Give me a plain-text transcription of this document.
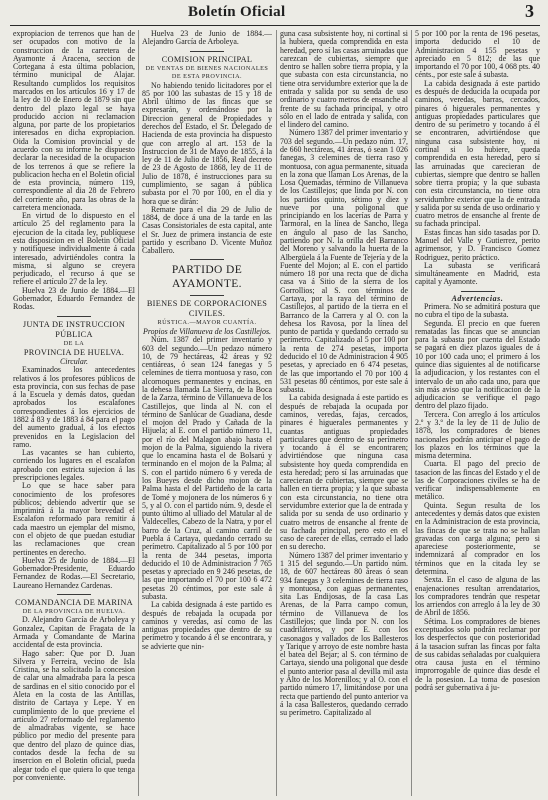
Boletín Oficial	3

expropiacion de terrenos que han de ser ocupados con motivo de la construccion de la carretera de Ayamonte á Aracena, seccion de Cortegana á esta última poblacion, término municipal de Alajar. Resultando cumplidos los requisitos marcados en los artículos 16 y 17 de la ley de 10 de Enero de 1879 sin que dentro del plazo legal se haya producido accion ni reclamacion alguna, por parte de los propietarios interesados en dicha expropiacion. Oida la Comision provincial y de acuerdo con su informe he dispuesto declarar la necesidad de la ocupacion de los terrenos á que se refiere la publicacion hecha en el Boletin oficial de esta provincia, número 119, correspondiente al dia 28 de Febrero del corriente año, para las obras de la carretera mencionada.

En virtud de lo dispuesto en el artículo 25 del reglamento para la ejecucion de la citada ley, publíquese esta disposicion en el Boletin Oficial y notifíquese individualmente á cada interesado, advirtiéndoles contra la misma, si alguno se creyera perjudicado, el recurso á que se refiere el artículo 27 de la ley.

Huelva 23 de Junio de 1884.—El Gobernador, Eduardo Fernandez de Rodas.

JUNTA DE INSTRUCCION PÚBLICA

DE LA

PROVINCIA DE HUELVA.

Circular.

Examinados los antecedentes relativos á los profesores públicos de esta provincia, con sus fechas de pase á la Escuela y demás datos, quedan aprobados los escalafones correspondientes á los ejercicios de 1882 á 83 y de 1883 á 84 para el pago del aumento gradual, á los efectos prevenidos en la Legislacion del ramo.

Las vacantes se han cubierto, corriendo los lugares en el escalafon aprobado con estricta sujecion á las prescripciones legales.

Lo que se hace saber para conocimiento de los profesores públicos; debiendo advertir que se imprimirá á la mayor brevedad el Escalafon reformado para remitir á cada maestro un ejemplar del mismo, con el objeto de que puedan estudiar las reclamaciones que crean pertinentes en derecho.

Huelva 25 de Junio de 1884.—El Gobernador-Presidente, Eduardo Fernandez de Rodas.—El Secretario, Laureano Hernandez Cardenas.

COMANDANCIA DE MARINA

DE LA PROVINCIA DE HUELVA.

D. Alejandro García de Arboleya y Gonzalez, Capitan de Fragata de la Armada y Comandante de Marina accidental de esta provincia.

Hago saber: Que por D. Juan Silvera y Ferreira, vecino de Isla Cristina, se ha solicitado la concesion de calar una almadraba para la pesca de sardinas en el sitio conocido por el Aleta en la costa de las Antillas, distrito de Cartaya y Lepe. Y en cumplimiento de lo que previene el artículo 27 reformado del reglamento de almadrabas vigente, se hace público por medio del presente para que dentro del plazo de quince dias, contados desde la fecha de su insercion en el Boletin oficial, pueda alegar todo el que quiera lo que tenga por conveniente.

Huelva 23 de Junio de 1884.—Alejandro García de Arboleya.

COMISION PRINCIPAL

DE VENTAS DE BIENES NACIONALES DE ESTA PROVINCIA.

No habiendo tenido licitadores por el 85 por 100 las subastas de 15 y 18 de Abril último de las fincas que se expresarán, y ordenándose por la Direccion general de Propiedades y derechos del Estado, el Sr. Delegado de Hacienda de esta provincia ha dispuesto que con arreglo al art. 153 de la Instruccion de 31 de Mayo de 1855, á la ley de 11 de Julio de 1856, Real decreto de 23 de Agosto de 1868, ley de 11 de Julio de 1878, é instrucciones para su cumplimiento, se sagan á pública subasta por el 70 por 100, en el dia y hora que se dirán:

Remate para el dia 29 de Julio de 1884, de doce á una de la tarde en las Casas Consistoriales de esta capital, ante el Sr. Juez de primera instancia de este partido y escribano D. Vicente Muñoz Caballero.

PARTIDO DE AYAMONTE.

BIENES DE CORPORACIONES CIVILES.

RÚSTICA.—MAYOR CUANTÍA.

Propios de Villanueva de los Castillejos.

Núm. 1387 del primer inventario y 603 del segundo.—Un pedazo número 10, de 79 hectáreas, 42 áreas y 92 centiáreas, ó sean 124 fanegas y 5 celemines de tierra montuosa y raso, con alcornoques permanentes y encinas, en la dehesa llamada La Sierra, de la Boca de la Zarza, término de Villanueva de los Castillejos, que linda al N. con el término de Sanlúcar de Guadiana, desde el mojon del Prado y Cañada de la Hijuela; al E. con el partido número 11, por el río del Malagon abajo hasta el mojon de la Palma, siguiendo la rivera que lo encamina hasta el de Bolsarú y terminando en el mojon de la Palma; al S. con el partido número 6 y vereda de los Bueyes desde dicho mojon de la Palma hasta el del Partideño de la carta de Tomé y mojonera de los números 6 y 5, y al O. con el partido núm. 9, desde el punto último al ulliado del Matular al de Valdecelles, Cabezo de la Natra, y por el barro de la Cruz, al camino carril de Puebla á Cartaya, quedando cerrado su perímetro. Capitalizado al 5 por 100 por la renta de 344 pesetas, importa deducido el 10 de Administracion 7 765 pesetas y apreciado en 9 246 pesetas, de las que importando el 70 por 100 6 472 pesetas 20 céntimos, por este sale á subasta.

La cabida designada á este partido es después de rebajada la ocupada por caminos y veredas, así como de las antiguas propiedades que dentro de su perímetro y tocando á él se encontrara, y se advierte que nin-

guna casa subsistente hoy, ni cortinal si la hubiera, queda comprendida en esta heredad, pero sí las casas arruinadas que carezcan de cubiertas, siempre que dentro se hallen sobre tierra propia, y la que subasta con esta circunstancia, no tiene otra servidumbre exterior que la de entrada y salida por su senda de uso ordinario y cuatro metros de ensanche al frente de su fachada principal, y otro sólo en el lado de entrada y salida, con el lindero del camino.

Número 1387 del primer inventario y 703 del segundo.—Un pedazo núm. 17, de 660 hectáreas, 41 áreas, ó sean 1 026 fanegas, 3 celemines de tierra raso y montuosa, con agua permanente, situada en la zona que llaman Los Arenas, de la Losa Quemadas, término de Villanueva de los Castillejos; que linda por N. con los partidos quinto, sétimo y diez y nueve por una poligonal que principiando en los lacerías de Parra y Tarmoral, en la línea de Sancho, llega en ángulo al paso de las Sancho, partiendo por N. la orilla del Barranco del Moreno y salvando la huerta de la Albergüela á la Fuente de Tejería y de la Fuente del Mojon; al E. con el partido número 18 por una recta que de dicha casa va á Sitio de la sierra de los Gorrollios; al S. con términos de Cartaya, por la raya del término de Castillejos, al partido de la tierra en el Barranco de la Carrera y al O. con la dehesa los Ravosa, por la línea del punto de partida y quedando cerrado su perímetro. Capitalizado al 5 por 100 por la renta de 274 pesetas, importa deducido el 10 de Administracion 4 905 pesetas, y apreciado en 6 474 pesetas, de las que importando el 70 por 100 4 531 pesetas 80 céntimos, por este sale á subasta.

La cabida designada á este partido es después de rebajada la ocupada por caminos, veredas, fajas, cercados, pinares é higuerales permanentes y cuantas antiguas propiedades particulares que dentro de su perímetro y tocando á él se encontraren; advirtiéndose que ninguna casa subsistente hoy queda comprendida en esta heredad; pero sí las arruinadas que carecieran de cubiertas, siempre que se hallen en tierra propia; y la que subasta con esta circunstancia, no tiene otra servidumbre exterior que la de entrada y salida por su senda de uso ordinario y cuatro metros de ensanche al frente de su fachada principal, pero esto en el caso de carecer de ellas, cerrado el lado en su derecho.

Número 1387 del primer inventario y 1 315 del segundo.—Un partido núm. 18, de 607 hectáreas 80 áreas ó sean 934 fanegas y 3 celemines de tierra raso y montuosa, con aguas permanentes, sita Las Endijosas, de la casa Las Arenas, de la Parra campo comun, término de Villanueva de los Castillejos; que linda por N. con los cuadriláteros, y por E. con los casonagos y vallados de los Ballesteros y Tarique y arroyo de este nombre hasta el batea del Bejar; al S. con término de Cartaya, siendo una poligonal que desde el punto anterior pasa al devilla mil asta y Alto de los Morenillos; y al O. con el partido número 17, limitándose por una recta que partiendo del punto anterior va á la casa Ballesteros, quedando cerrado su perímetro. Capitalizado al

5 por 100 por la renta de 196 pesetas, importa deducido el 10 de Administracion 4 155 pesetas y apreciado en 5 812; de las que importando el 70 por 100, 4 068 pts. 40 cénts., por este sale á subasta.

La cabida designada á este partido es después de deducida la ocupada por caminos, veredas, barras, cercados, pinares ó higuerales permanentes y antiguas propiedades particulares que dentro de su perímetro y tocando á él se encontraren, advirtiéndose que ninguna casa subsistente hoy, ni cortinal si lo hubiere, queda comprendida en esta heredad, pero sí las arruinadas que carecieran de cubiertas, siempre que dentro se hallen sobre tierra propia; y la que subasta con esta circunstancia, no tiene otra servidumbre exterior que la de entrada y salida por su senda de uso ordinario y cuatro metros de ensanche al frente de su fachada principal.

Estas fincas han sido tasadas por D. Manuel del Valle y Gutierrez, perito agrimensor, y D. Francisco Gomez Rodriguez, perito práctico.

La subasta se verificará simultáneamente en Madrid, esta capital y Ayamonte.

Advertencias.

Primera. No se admitirá postura que no cubra el tipo de la subasta.

Segunda. El precio en que fueren rematadas las fincas que se anuncian para la subasta por cuenta del Estado se pagará en diez plazos iguales de á 10 por 100 cada uno; el primero á los quince dias siguientes al de notificarse la adjudicacion, y los restantes con el intervalo de un año cada uno, para que sin más aviso que la notificacion de la adjudicacion se verifique el pago dentro del plazo fijado.

Tercera. Con arreglo á los artículos 2.º y 3.º de la ley de 11 de Julio de 1878, los compradores de bienes nacionales podrán anticipar el pago de los plazos en los términos que la misma determina.

Cuarta. El pago del precio de tasacion de las fincas del Estado y el de las de Corporaciones civiles se ha de verificar indispensablemente en metálico.

Quinta. Segun resulta de los antecedentes y demás datos que existen en la Administracion de esta provincia, las fincas de que se trata no se hallan gravadas con carga alguna; pero si apareciese posteriormente, se indemnizará al comprador en los términos que en la citada ley se determina.

Sexta. En el caso de alguna de las enajenaciones resultan arrendatarios, los compradores tendrán que respetar los arriendos con arreglo á la ley de 30 de Abril de 1856.

Sétima. Los compradores de bienes exceptuados solo podrán reclamar por los desperfectos que con posterioridad á la tasacion sufran las fincas por falta de sus cabidas señaladas por cualquiera otra causa justa en el término improrrogable de quince dias desde el de la posesion. La toma de posesion podrá ser gubernativa á ju-
